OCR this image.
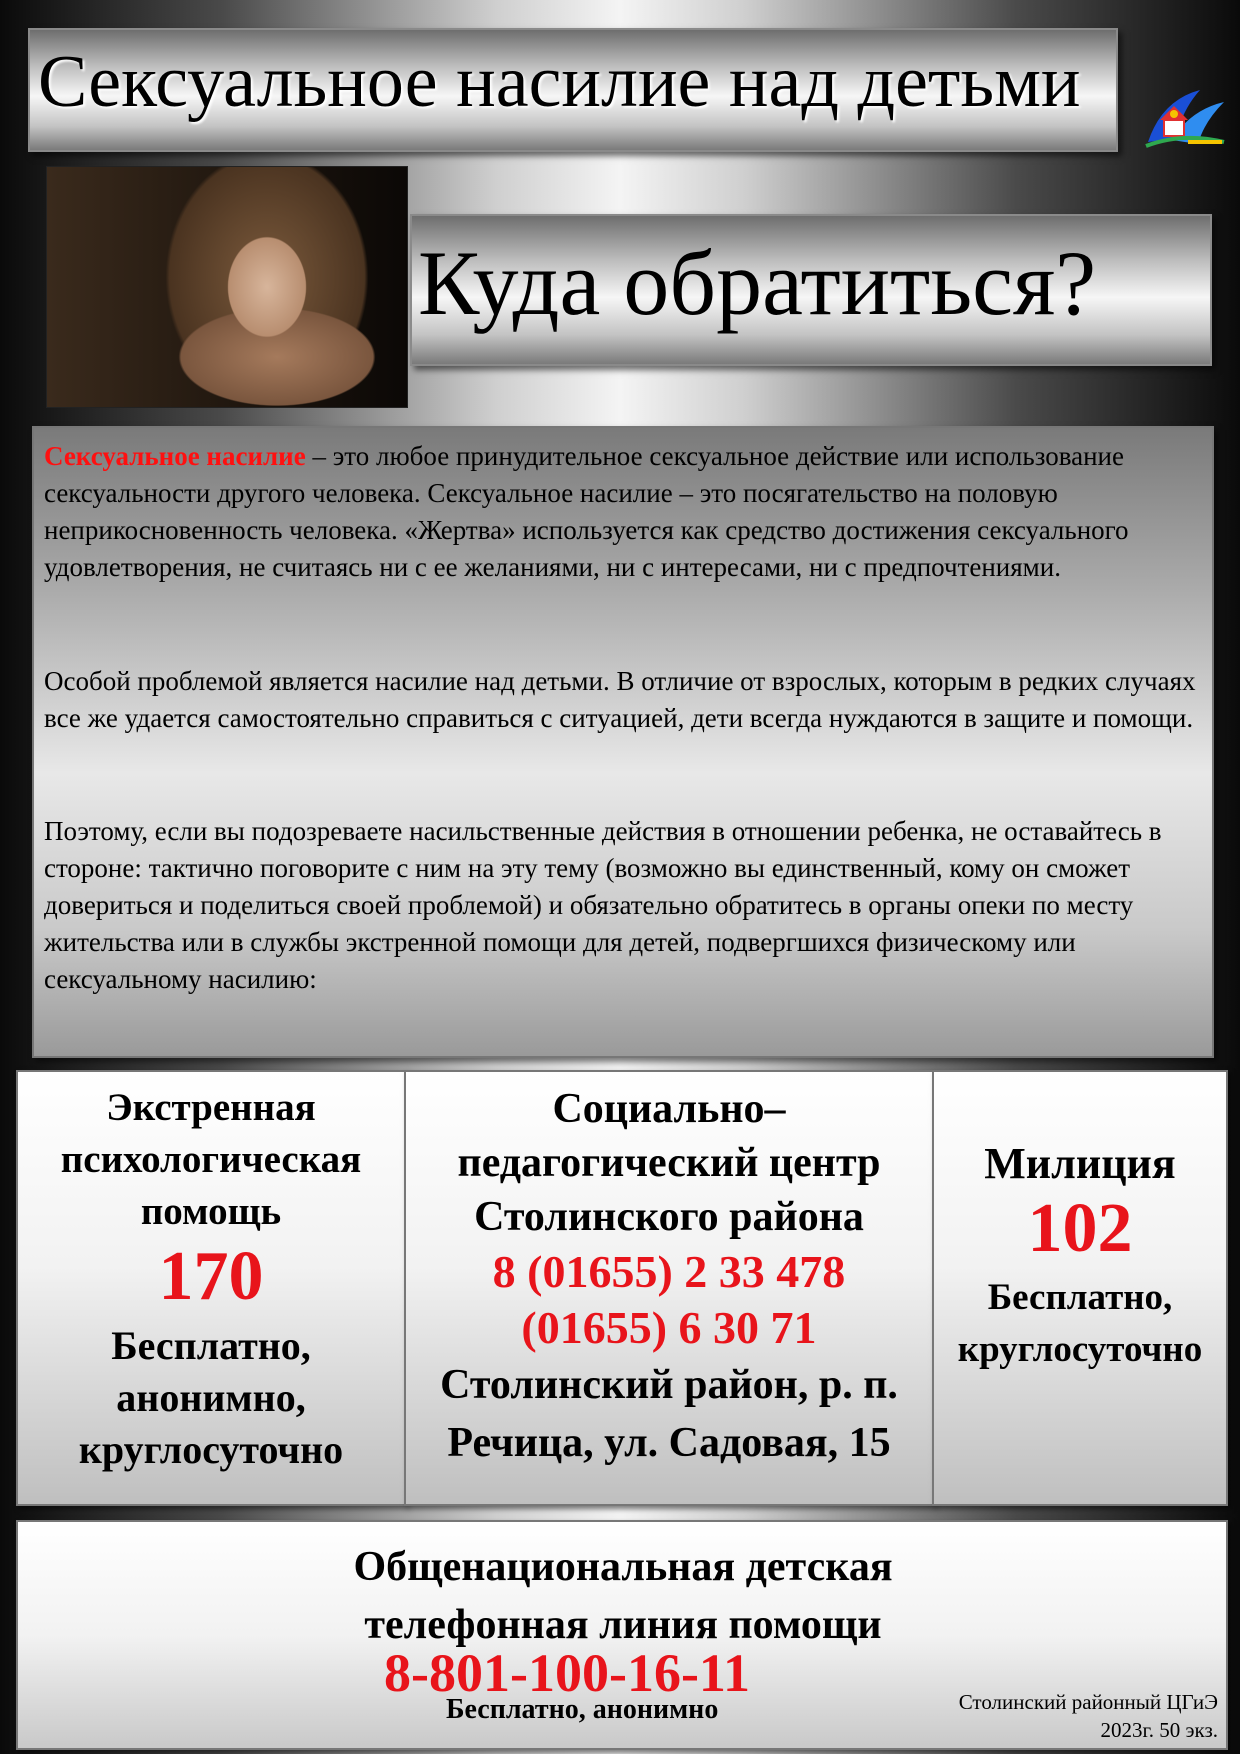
Сексуальное насилие над детьми
Куда обратиться?

Сексуальное насилие – это любое принудительное сексуальное действие или использование сексуальности другого человека. Сексуальное насилие – это посягательство на половую неприкосновенность человека. «Жертва» используется как средство достижения сексуального удовлетворения, не считаясь ни с ее желаниями, ни с интересами, ни с предпочтениями.

Особой проблемой является насилие над детьми. В отличие от взрослых, которым в редких случаях все же удается самостоятельно справиться с ситуацией, дети всегда нуждаются в защите и помощи.

Поэтому, если вы подозреваете насильственные действия в отношении ребенка, не оставайтесь в стороне: тактично поговорите с ним на эту тему (возможно вы единственный, кому он сможет довериться и поделиться своей проблемой) и обязательно обратитесь в органы опеки по месту жительства или в службы экстренной помощи для детей, подвергшихся физическому или сексуальному насилию:

Экстренная
психологическая
помощь
170
Бесплатно,
анонимно,
круглосуточно
Социально–
педагогический центр
Столинского района
8 (01655) 2 33 478
(01655) 6 30 71
Столинский район, р. п.
Речица, ул. Садовая, 15
Милиция
102
Бесплатно,
круглосуточно
Общенациональная детская
телефонная линия помощи
8-801-100-16-11
Бесплатно, анонимно	Столинский районный ЦГиЭ
2023г. 50 экз.
